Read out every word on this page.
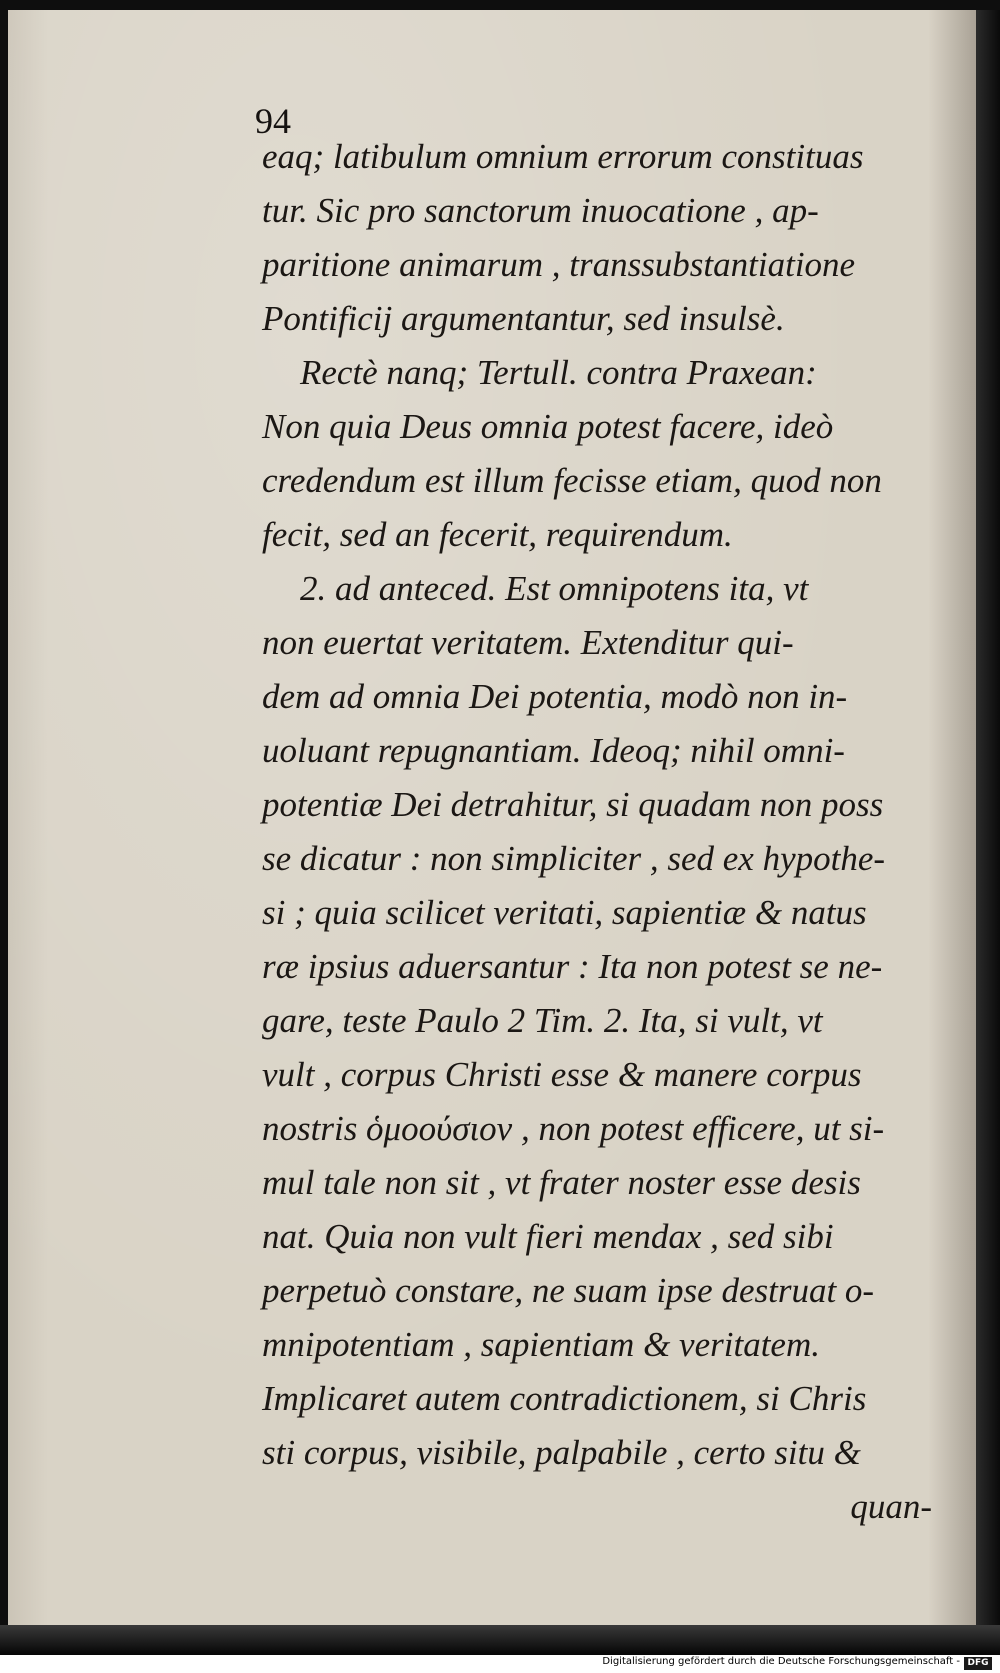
94
eaq; latibulum omnium errorum constituas
tur. Sic pro sanctorum inuocatione , ap-
paritione animarum , transsubstantiatione
Pontificij argumentantur, sed insulsè.
Rectè nanq; Tertull. contra Praxean:
Non quia Deus omnia potest facere, ideò
credendum est illum fecisse etiam, quod non
fecit, sed an fecerit, requirendum.
2. ad anteced. Est omnipotens ita, vt
non euertat veritatem. Extenditur qui-
dem ad omnia Dei potentia, modò non in-
uoluant repugnantiam. Ideoq; nihil omni-
potentiæ Dei detrahitur, si quadam non poss
se dicatur : non simpliciter , sed ex hypothe-
si ; quia scilicet veritati, sapientiæ & natus
ræ ipsius aduersantur : Ita non potest se ne-
gare, teste Paulo 2 Tim. 2. Ita, si vult, vt
vult , corpus Christi esse & manere corpus
nostris ὁμοούσιον , non potest efficere, ut si-
mul tale non sit , vt frater noster esse desis
nat. Quia non vult fieri mendax , sed sibi
perpetuò constare, ne suam ipse destruat o-
mnipotentiam , sapientiam & veritatem.
Implicaret autem contradictionem, si Chris
sti corpus, visibile, palpabile , certo situ &
quan-
Digitalisierung gefördert durch die Deutsche Forschungsgemeinschaft - DFG
